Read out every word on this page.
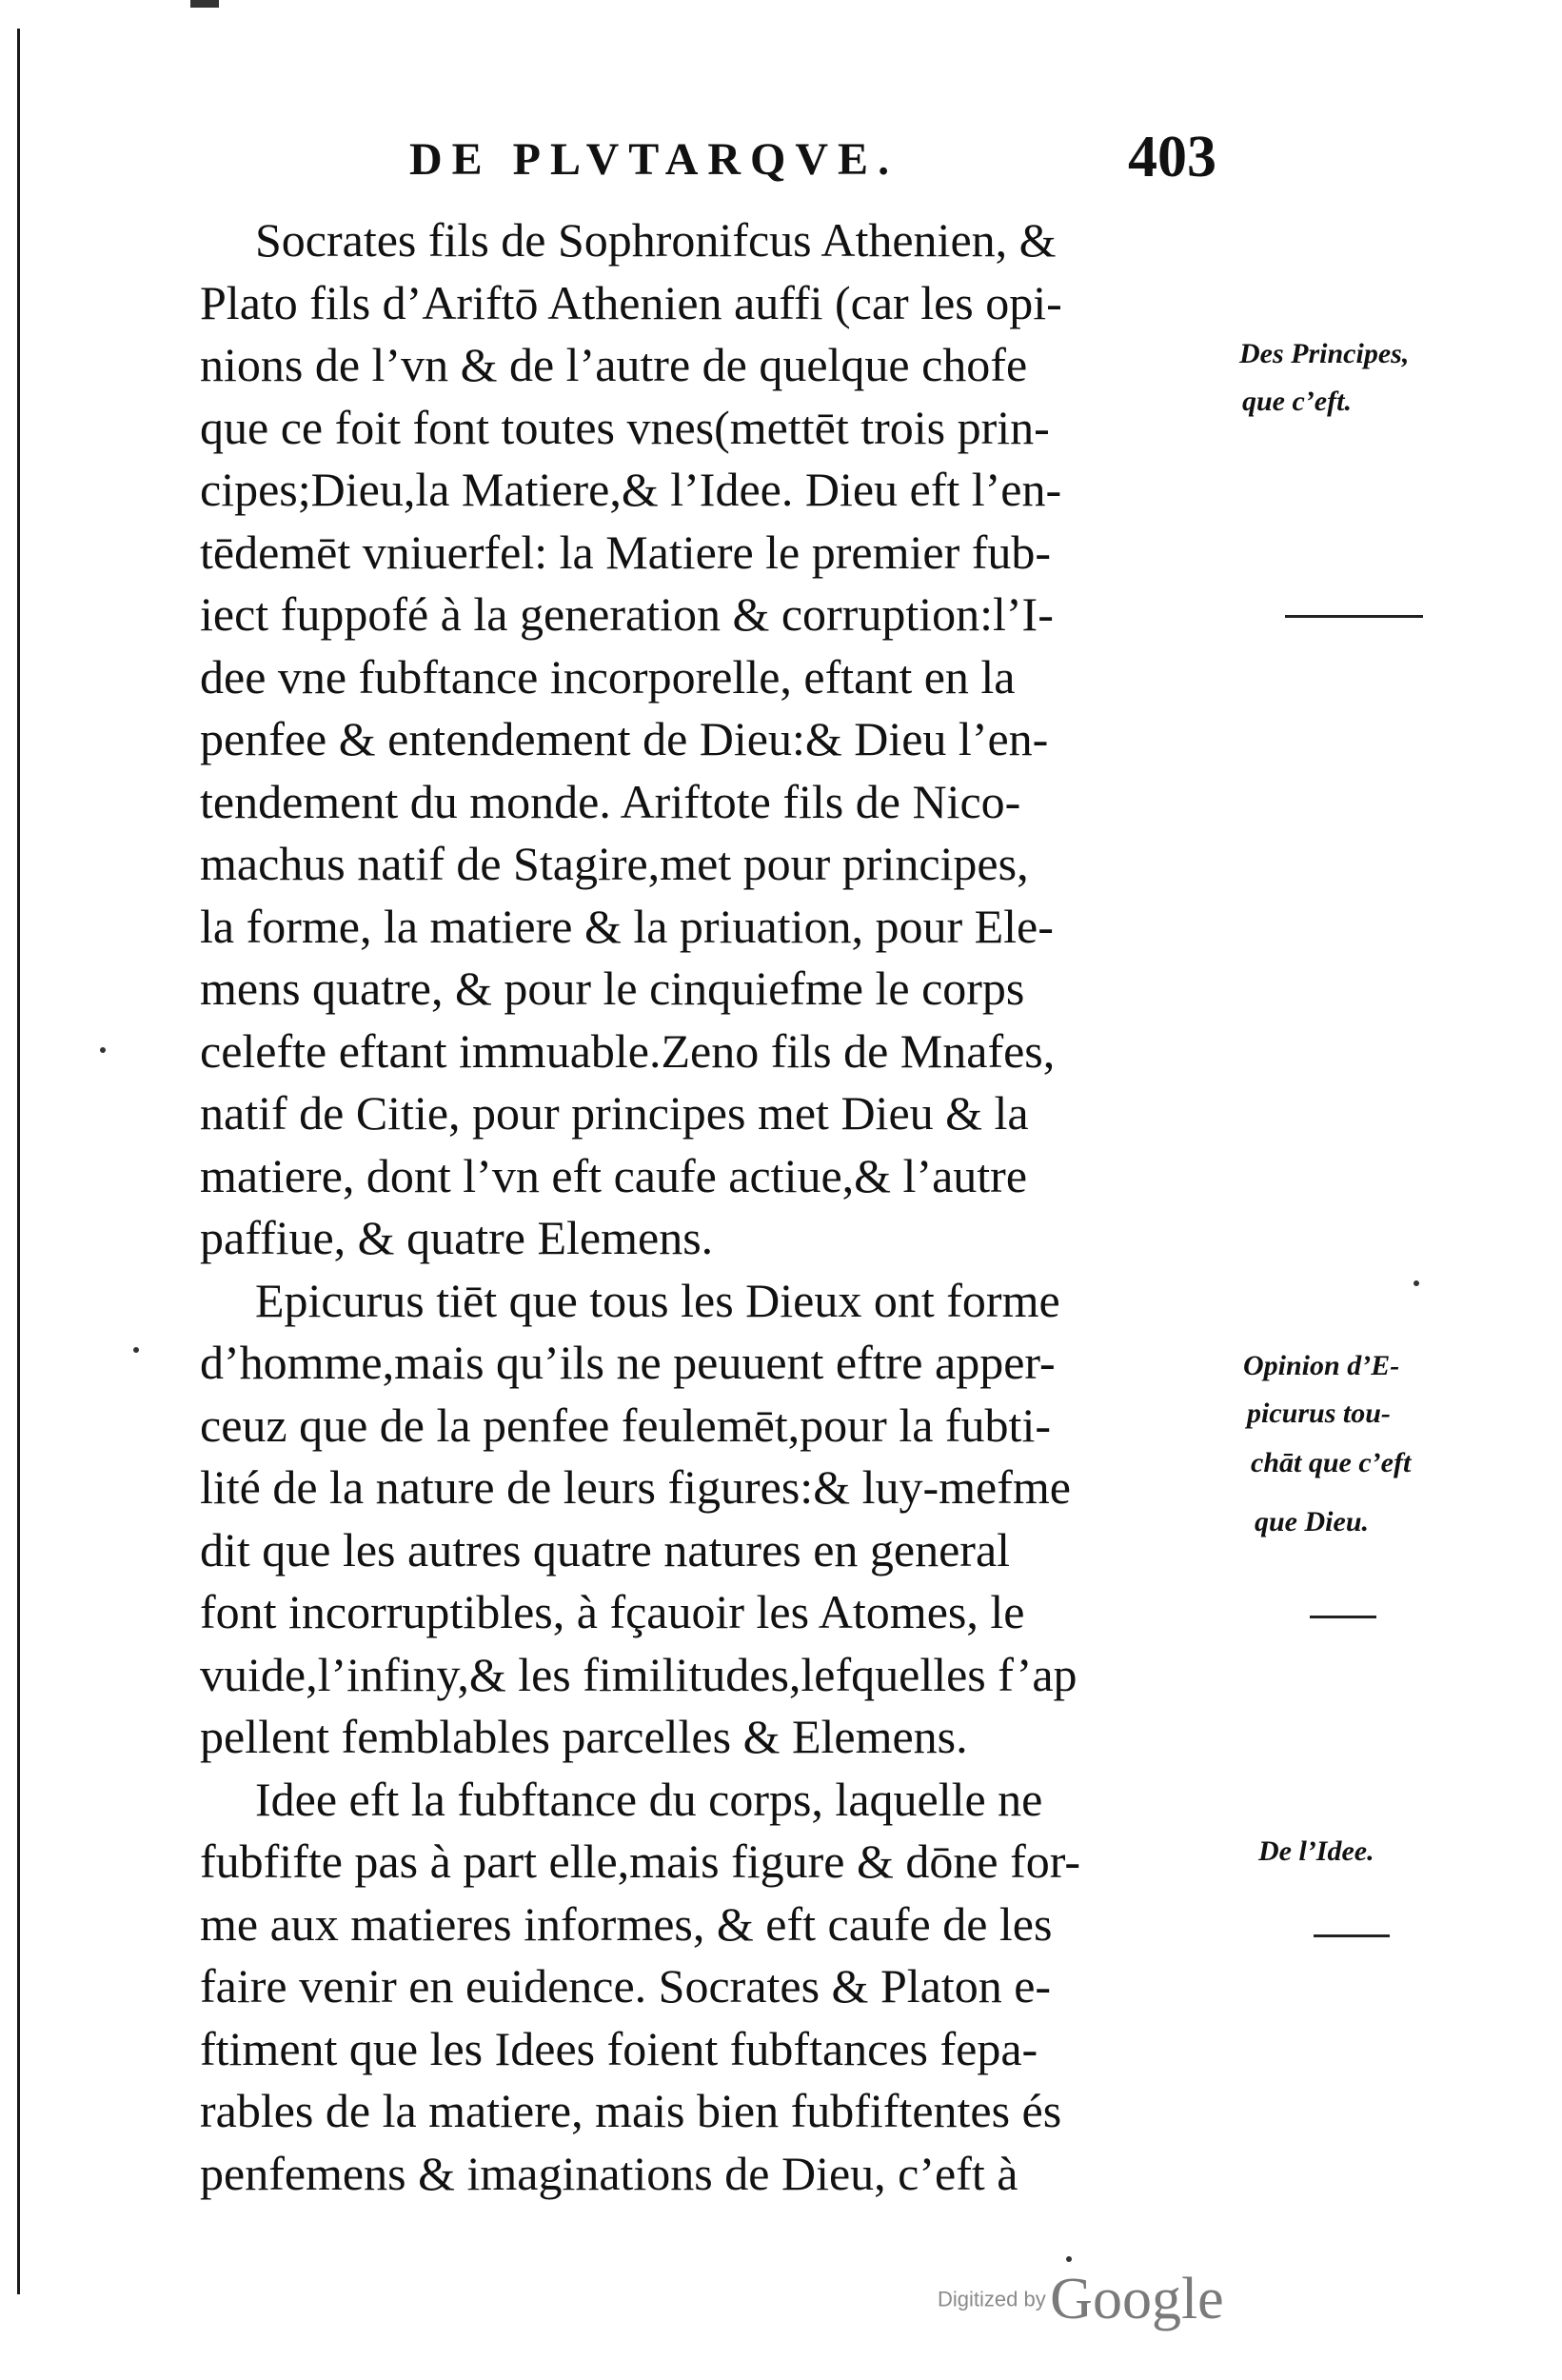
DE PLVTARQVE.	403
Socrates fils de Sophronifcus Athenien, &
Plato fils d’Ariftō Athenien auffi (car les opi-
nions de l’vn & de l’autre de quelque chofe
que ce foit font toutes vnes(mettēt trois prin-
cipes;Dieu,la Matiere,& l’Idee. Dieu eft l’en-
tēdemēt vniuerfel: la Matiere le premier fub-
iect fuppofé à la generation & corruption:l’I-
dee vne fubftance incorporelle, eftant en la
penfee & entendement de Dieu:& Dieu l’en-
tendement du monde. Ariftote fils de Nico-
machus natif de Stagire,met pour principes,
la forme, la matiere & la priuation, pour Ele-
mens quatre, & pour le cinquiefme le corps
celefte eftant immuable.Zeno fils de Mnafes,
natif de Citie, pour principes met Dieu & la
matiere, dont l’vn eft caufe actiue,& l’autre
paffiue, & quatre Elemens.
Epicurus tiēt que tous les Dieux ont forme
d’homme,mais qu’ils ne peuuent eftre apper-
ceuz que de la penfee feulemēt,pour la fubti-
lité de la nature de leurs figures:& luy-mefme
dit que les autres quatre natures en general
font incorruptibles, à fçauoir les Atomes, le
vuide,l’infiny,& les fimilitudes,lefquelles f’ap
pellent femblables parcelles & Elemens.
Idee eft la fubftance du corps, laquelle ne
fubfifte pas à part elle,mais figure & dōne for-
me aux matieres informes, & eft caufe de les
faire venir en euidence. Socrates & Platon e-
ftiment que les Idees foient fubftances fepa-
rables de la matiere, mais bien fubfiftentes és
penfemens & imaginations de Dieu, c’eft à
Des Principes,
que c’eft.
Opinion d’E-
picurus tou-
chāt que c’eft
que Dieu.
De l’Idee.
Digitized by Google
